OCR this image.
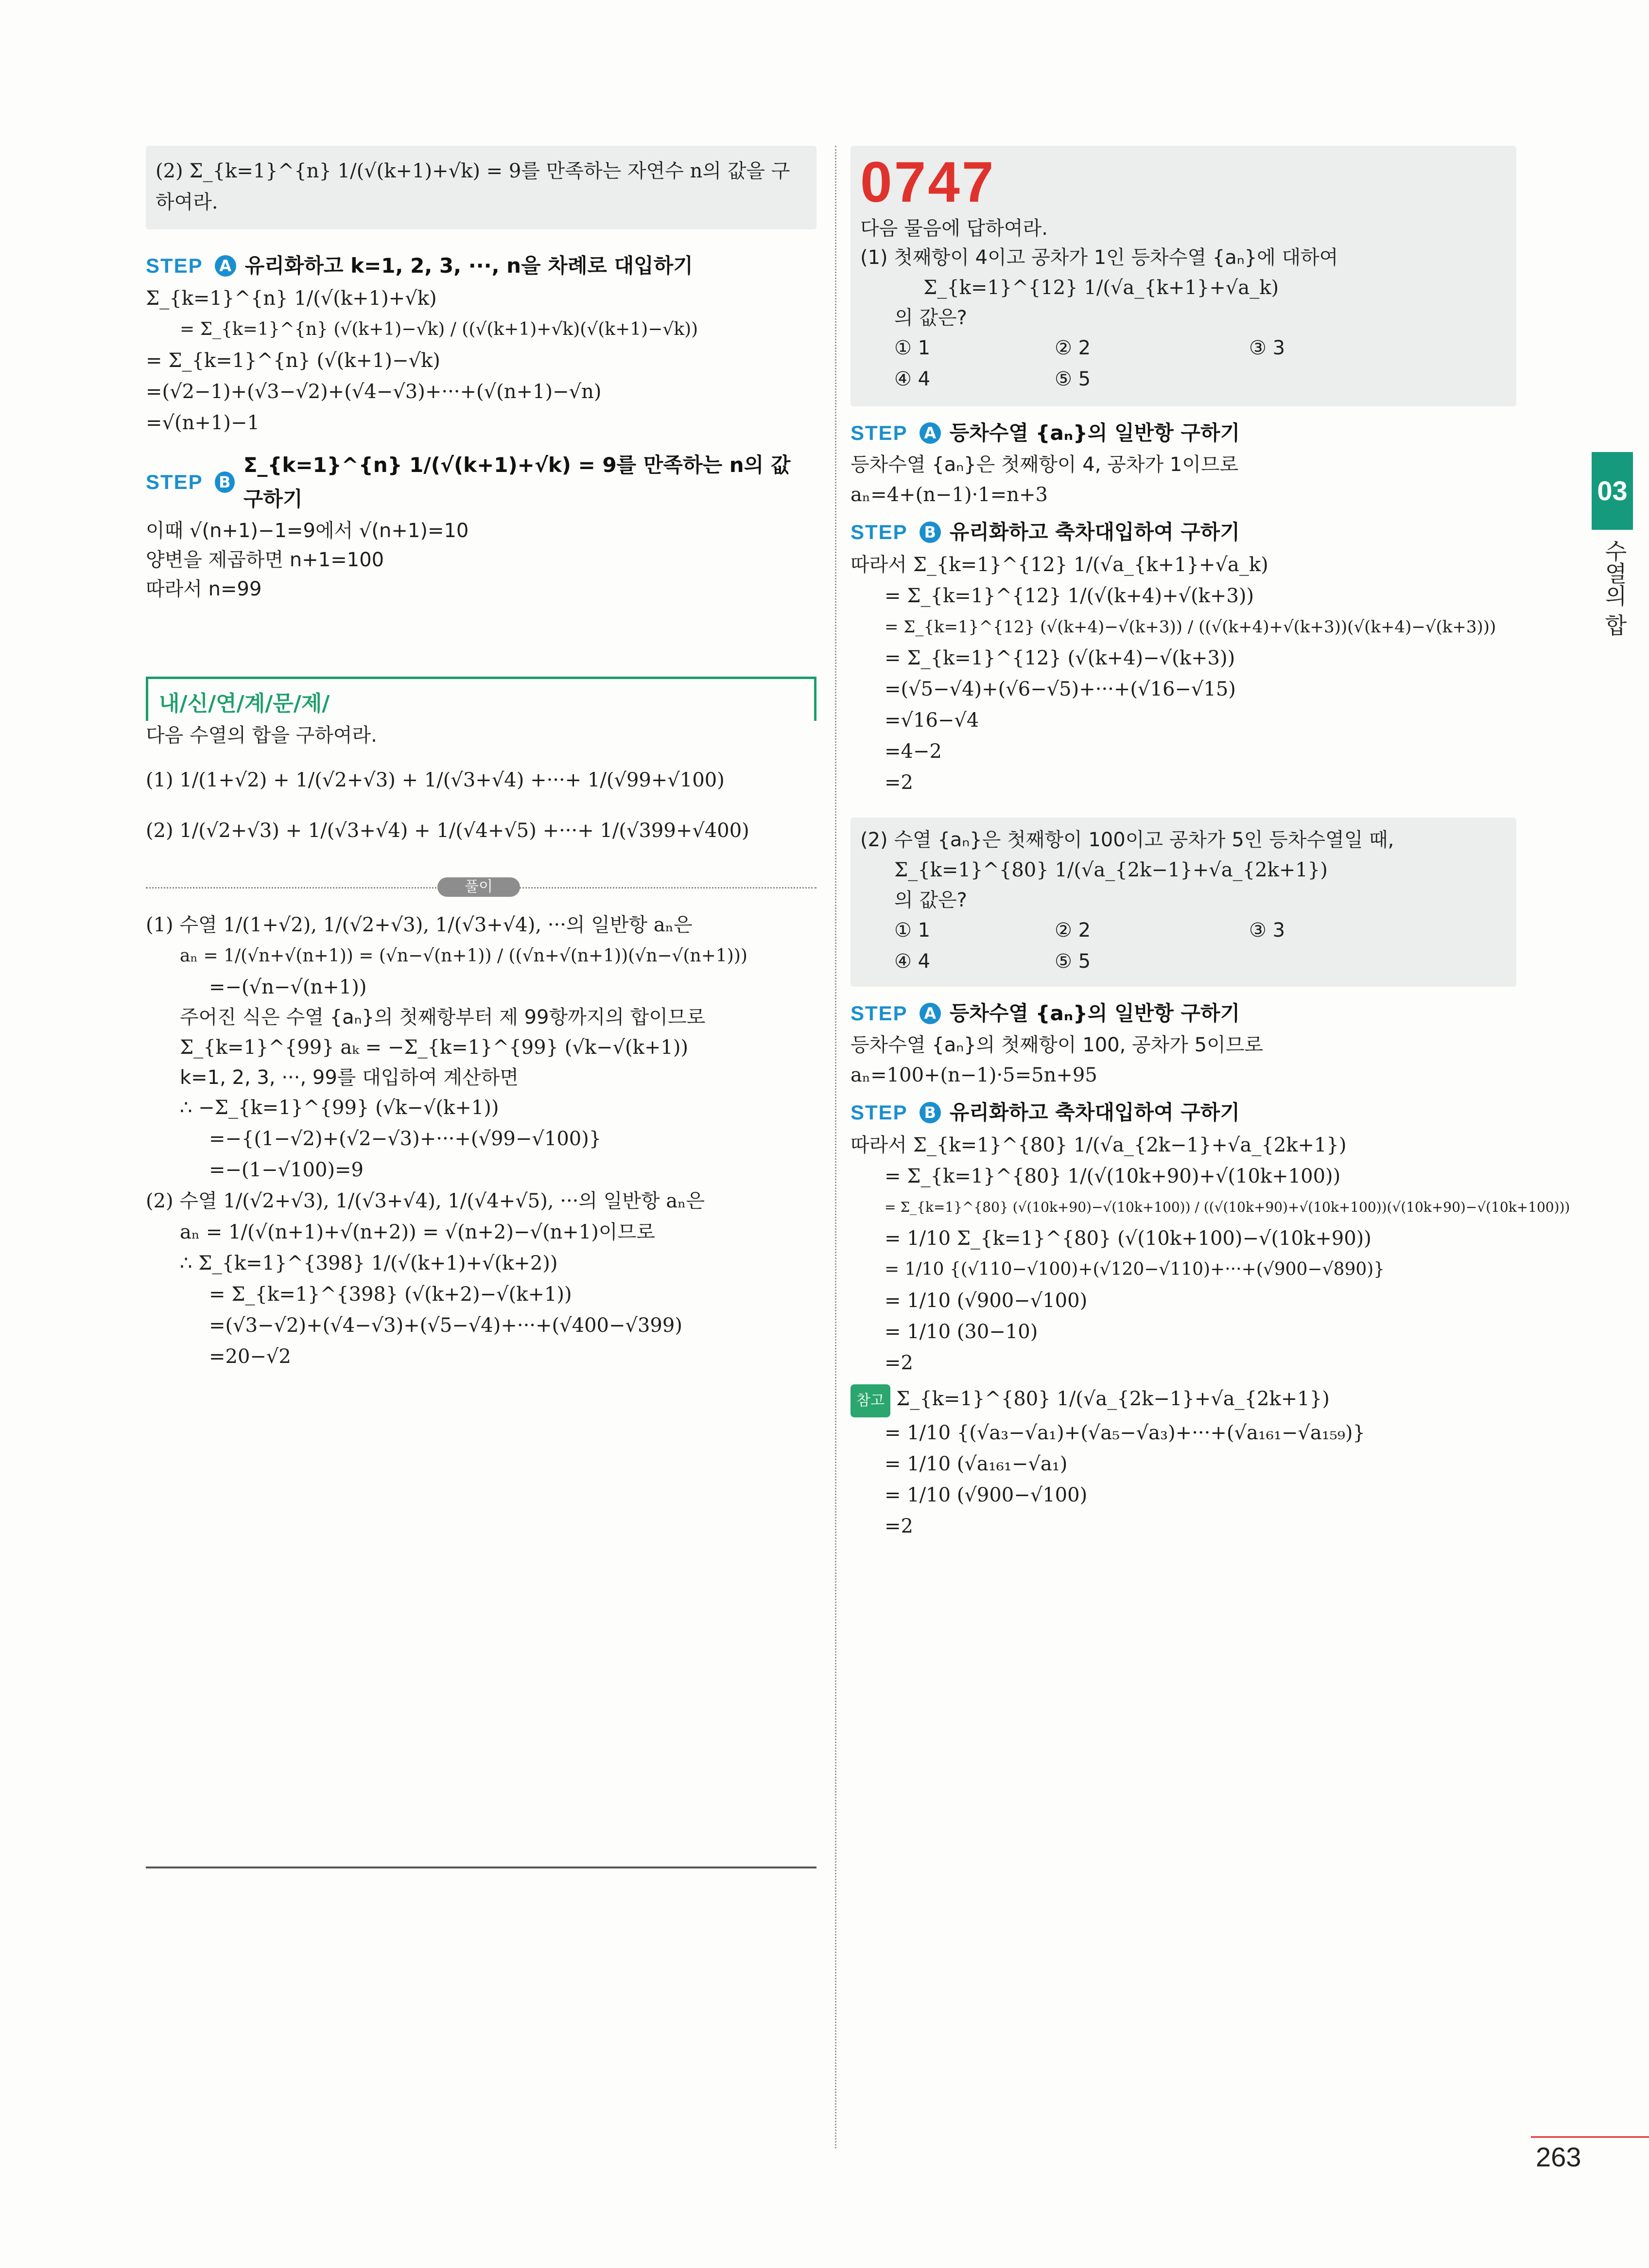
(2) Σ_{k=1}^{n} 1/(√(k+1)+√k) = 9를 만족하는 자연수 n의 값을 구하여라.
STEP	A 유리화하고 k=1, 2, 3, ···, n을 차례로 대입하기
Σ_{k=1}^{n} 1/(√(k+1)+√k)
= Σ_{k=1}^{n} (√(k+1)−√k) / ((√(k+1)+√k)(√(k+1)−√k))
= Σ_{k=1}^{n} (√(k+1)−√k)
=(√2−1)+(√3−√2)+(√4−√3)+···+(√(n+1)−√n)
=√(n+1)−1
STEP B
Σ_{k=1}^{n} 1/(√(k+1)+√k) = 9를 만족하는 n의 값 구하기
이때 √(n+1)−1=9에서 √(n+1)=10
양변을 제곱하면 n+1=100
따라서 n=99
내/신/연/계/문/제/
다음 수열의 합을 구하여라.
(1) 1/(1+√2) + 1/(√2+√3) + 1/(√3+√4) +···+ 1/(√99+√100)
(2) 1/(√2+√3) + 1/(√3+√4) + 1/(√4+√5) +···+ 1/(√399+√400)
풀이
(1) 수열 1/(1+√2), 1/(√2+√3), 1/(√3+√4), ···의 일반항 aₙ은
aₙ = 1/(√n+√(n+1)) = (√n−√(n+1)) / ((√n+√(n+1))(√n−√(n+1)))
=−(√n−√(n+1))
주어진 식은 수열 {aₙ}의 첫째항부터 제 99항까지의 합이므로
Σ_{k=1}^{99} aₖ = −Σ_{k=1}^{99} (√k−√(k+1))
k=1, 2, 3, ···, 99를 대입하여 계산하면
∴ −Σ_{k=1}^{99} (√k−√(k+1))
=−{(1−√2)+(√2−√3)+···+(√99−√100)}
=−(1−√100)=9
(2) 수열 1/(√2+√3), 1/(√3+√4), 1/(√4+√5), ···의 일반항 aₙ은
aₙ = 1/(√(n+1)+√(n+2)) = √(n+2)−√(n+1)이므로
∴ Σ_{k=1}^{398} 1/(√(k+1)+√(k+2))
= Σ_{k=1}^{398} (√(k+2)−√(k+1))
=(√3−√2)+(√4−√3)+(√5−√4)+···+(√400−√399)
=20−√2
0747
다음 물음에 답하여라.
(1) 첫째항이 4이고 공차가 1인 등차수열 {aₙ}에 대하여
Σ_{k=1}^{12} 1/(√a_{k+1}+√a_k)
의 값은?
① 1	② 2	③ 3
④ 4	⑤ 5
STEP	A 등차수열 {aₙ}의 일반항 구하기
등차수열 {aₙ}은 첫째항이 4, 공차가 1이므로
aₙ=4+(n−1)·1=n+3
STEP	B 유리화하고 축차대입하여 구하기
따라서 Σ_{k=1}^{12} 1/(√a_{k+1}+√a_k)
= Σ_{k=1}^{12} 1/(√(k+4)+√(k+3))
= Σ_{k=1}^{12} (√(k+4)−√(k+3)) / ((√(k+4)+√(k+3))(√(k+4)−√(k+3)))
= Σ_{k=1}^{12} (√(k+4)−√(k+3))
=(√5−√4)+(√6−√5)+···+(√16−√15)
=√16−√4
=4−2
=2
(2) 수열 {aₙ}은 첫째항이 100이고 공차가 5인 등차수열일 때,
Σ_{k=1}^{80} 1/(√a_{2k−1}+√a_{2k+1})
의 값은?
① 1	② 2	③ 3
④ 4	⑤ 5
STEP	A 등차수열 {aₙ}의 일반항 구하기
등차수열 {aₙ}의 첫째항이 100, 공차가 5이므로
aₙ=100+(n−1)·5=5n+95
STEP	B 유리화하고 축차대입하여 구하기
따라서 Σ_{k=1}^{80} 1/(√a_{2k−1}+√a_{2k+1})
= Σ_{k=1}^{80} 1/(√(10k+90)+√(10k+100))
= Σ_{k=1}^{80} (√(10k+90)−√(10k+100)) / ((√(10k+90)+√(10k+100))(√(10k+90)−√(10k+100)))
= 1/10 Σ_{k=1}^{80} (√(10k+100)−√(10k+90))
= 1/10 {(√110−√100)+(√120−√110)+···+(√900−√890)}
= 1/10 (√900−√100)
= 1/10 (30−10)
=2
참고 Σ_{k=1}^{80} 1/(√a_{2k−1}+√a_{2k+1})
= 1/10 {(√a₃−√a₁)+(√a₅−√a₃)+···+(√a₁₆₁−√a₁₅₉)}
= 1/10 (√a₁₆₁−√a₁)
= 1/10 (√900−√100)
=2
03
수열의 합
263
